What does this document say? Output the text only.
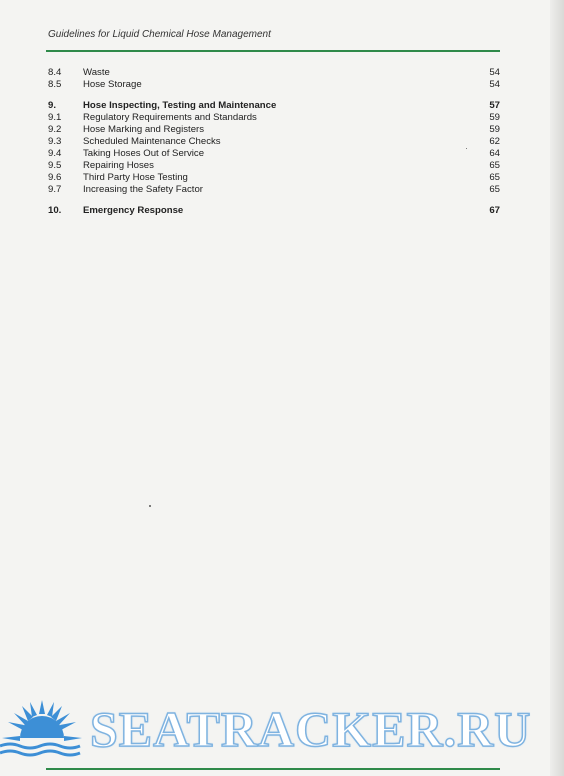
Guidelines for Liquid Chemical Hose Management
8.4 Waste	54
8.5 Hose Storage	54
9.	Hose Inspecting, Testing and Maintenance	57
9.1 Regulatory Requirements and Standards	59
9.2 Hose Marking and Registers	59
9.3 Scheduled Maintenance Checks	62
9.4 Taking Hoses Out of Service	64
9.5 Repairing Hoses	65
9.6 Third Party Hose Testing	65
9.7 Increasing the Safety Factor	65
10. Emergency Response	67
SEATRACKER.RU
